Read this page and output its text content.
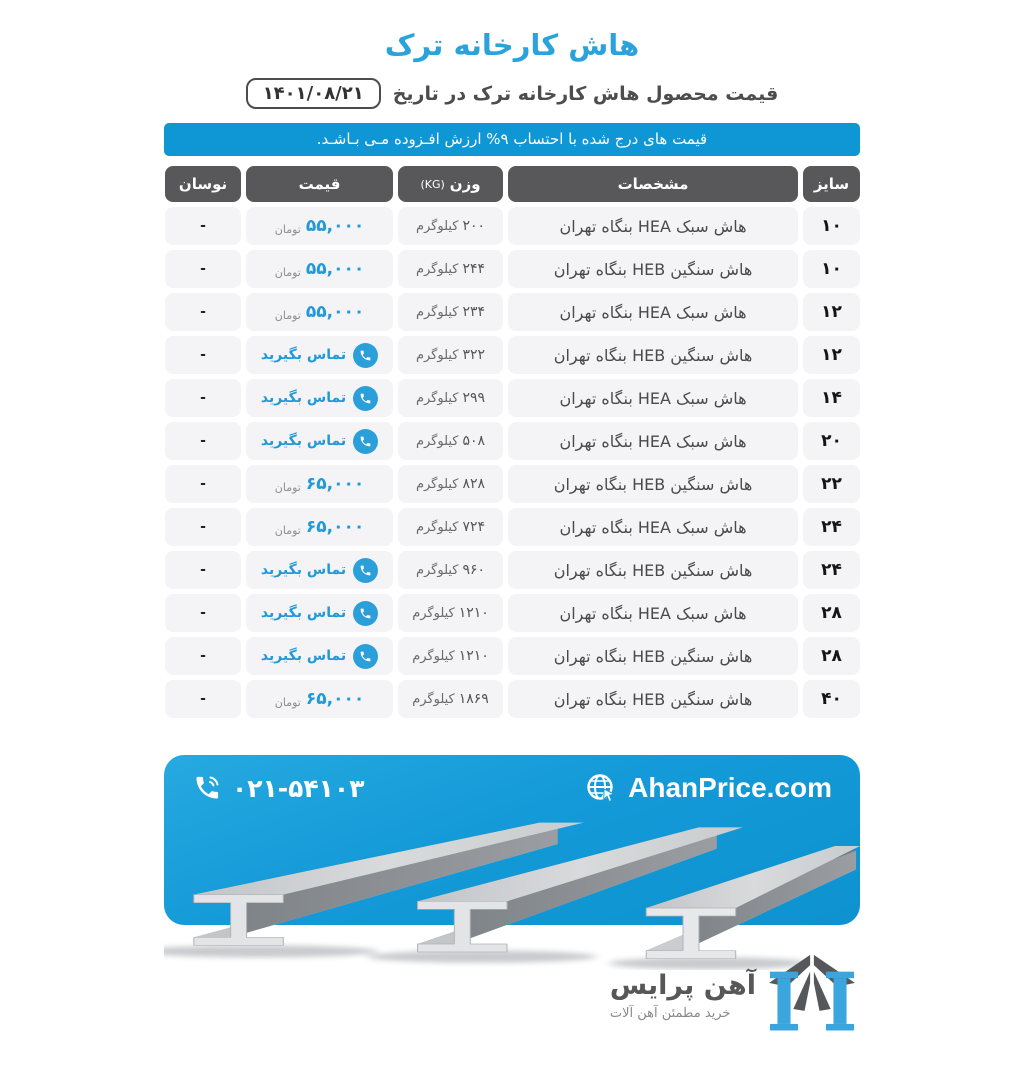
هاش کارخانه ترک
قیمت محصول هاش کارخانه ترک در تاریخ
۱۴۰۱/۰۸/۲۱
قیمت های درج شده با احتساب ۹% ارزش افـزوده مـی بـاشـد.
سایز
مشخصات
وزن
(KG)
قیمت
نوسان
۱۰
هاش سبک HEA بنگاه تهران
۲۰۰
کیلوگرم
۵۵,۰۰۰
تومان
-
۱۰
هاش سنگین HEB بنگاه تهران
۲۴۴
کیلوگرم
۵۵,۰۰۰
تومان
-
۱۲
هاش سبک HEA بنگاه تهران
۲۳۴
کیلوگرم
۵۵,۰۰۰
تومان
-
۱۲
هاش سنگین HEB بنگاه تهران
۳۲۲
کیلوگرم
تماس بگیرید
-
۱۴
هاش سبک HEA بنگاه تهران
۲۹۹
کیلوگرم
تماس بگیرید
-
۲۰
هاش سبک HEA بنگاه تهران
۵۰۸
کیلوگرم
تماس بگیرید
-
۲۲
هاش سنگین HEB بنگاه تهران
۸۲۸
کیلوگرم
۶۵,۰۰۰
تومان
-
۲۴
هاش سبک HEA بنگاه تهران
۷۲۴
کیلوگرم
۶۵,۰۰۰
تومان
-
۲۴
هاش سنگین HEB بنگاه تهران
۹۶۰
کیلوگرم
تماس بگیرید
-
۲۸
هاش سبک HEA بنگاه تهران
۱۲۱۰
کیلوگرم
تماس بگیرید
-
۲۸
هاش سنگین HEB بنگاه تهران
۱۲۱۰
کیلوگرم
تماس بگیرید
-
۴۰
هاش سنگین HEB بنگاه تهران
۱۸۶۹
کیلوگرم
۶۵,۰۰۰
تومان
-
۰۲۱-۵۴۱۰۳	AhanPrice.com
آهن پرایس
خرید مطمئن آهن آلات
